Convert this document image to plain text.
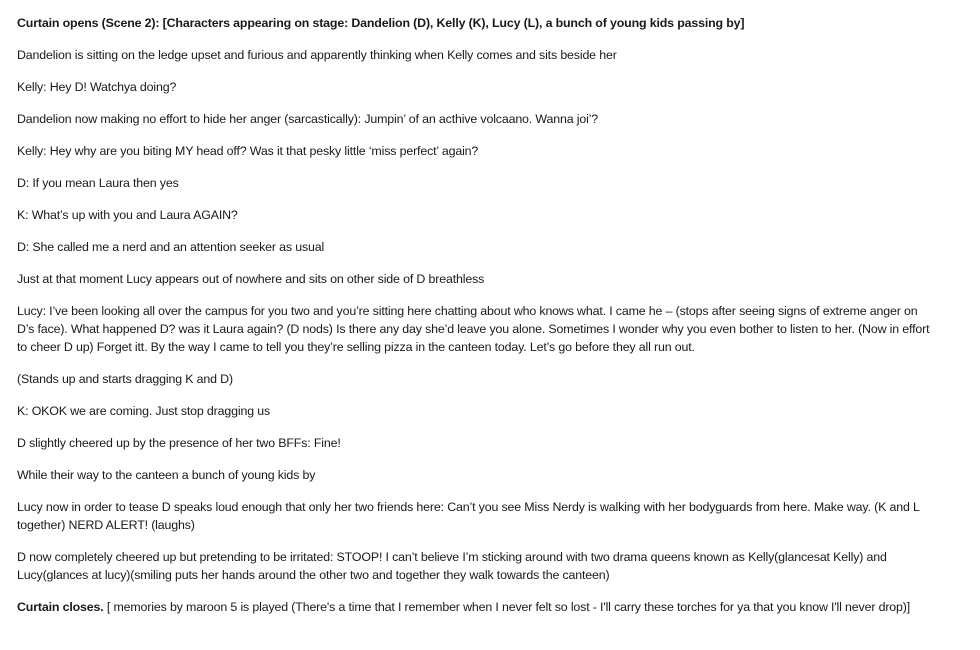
Curtain opens (Scene 2): [Characters appearing on stage: Dandelion (D), Kelly (K), Lucy (L), a bunch of young kids passing by]
Dandelion is sitting on the ledge upset and furious and apparently thinking when Kelly comes and sits beside her
Kelly: Hey D! Watchya doing?
Dandelion now making no effort to hide her anger (sarcastically): Jumpin’ of an acthive volcaano. Wanna joi’?
Kelly: Hey why are you biting MY head off? Was it that pesky little ‘miss perfect’ again?
D: If you mean Laura then yes
K: What’s up with you and Laura AGAIN?
D: She called me a nerd and an attention seeker as usual
Just at that moment Lucy appears out of nowhere and sits on other side of D breathless
Lucy: I’ve been looking all over the campus for you two and you’re sitting here chatting about who knows what. I came he – (stops after seeing signs of extreme anger on
D’s face). What happened D? was it Laura again? (D nods) Is there any day she’d leave you alone. Sometimes I wonder why you even bother to listen to her. (Now in effort
to cheer D up) Forget itt. By the way I came to tell you they’re selling pizza in the canteen today. Let’s go before they all run out.
(Stands up and starts dragging K and D)
K: OKOK we are coming. Just stop dragging us
D slightly cheered up by the presence of her two BFFs: Fine!
While their way to the canteen a bunch of young kids by
Lucy now in order to tease D speaks loud enough that only her two friends here: Can’t you see Miss Nerdy is walking with her bodyguards from here. Make way. (K and L
together) NERD ALERT! (laughs)
D now completely cheered up but pretending to be irritated: STOOP! I can’t believe I’m sticking around with two drama queens known as Kelly(glancesat Kelly) and
Lucy(glances at lucy)(smiling puts her hands around the other two and together they walk towards the canteen)
Curtain closes. [ memories by maroon 5 is played (There's a time that I remember when I never felt so lost - I'll carry these torches for ya that you know I'll never drop)]
